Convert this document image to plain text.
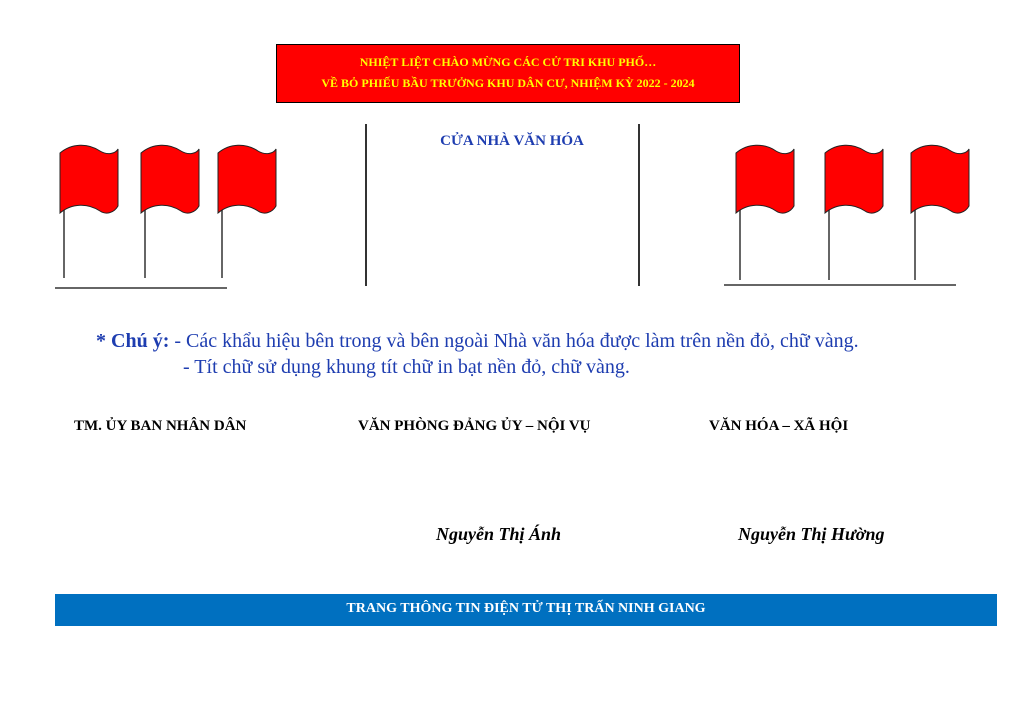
NHIỆT LIỆT CHÀO MỪNG CÁC CỬ TRI KHU PHỐ…
VỀ BỎ PHIẾU BẦU TRƯỞNG KHU DÂN CƯ, NHIỆM KỲ 2022 - 2024
CỬA NHÀ VĂN HÓA
* Chú ý: - Các khẩu hiệu bên trong và bên ngoài Nhà văn hóa được làm trên nền đỏ, chữ vàng.
- Tít chữ sử dụng khung tít chữ in bạt nền đỏ, chữ vàng.
TM. ỦY BAN NHÂN DÂN	VĂN PHÒNG ĐẢNG ỦY – NỘI VỤ	VĂN HÓA – XÃ HỘI
Nguyễn Thị Ánh	Nguyễn Thị Hường
TRANG THÔNG TIN ĐIỆN TỬ THỊ TRẤN NINH GIANG
